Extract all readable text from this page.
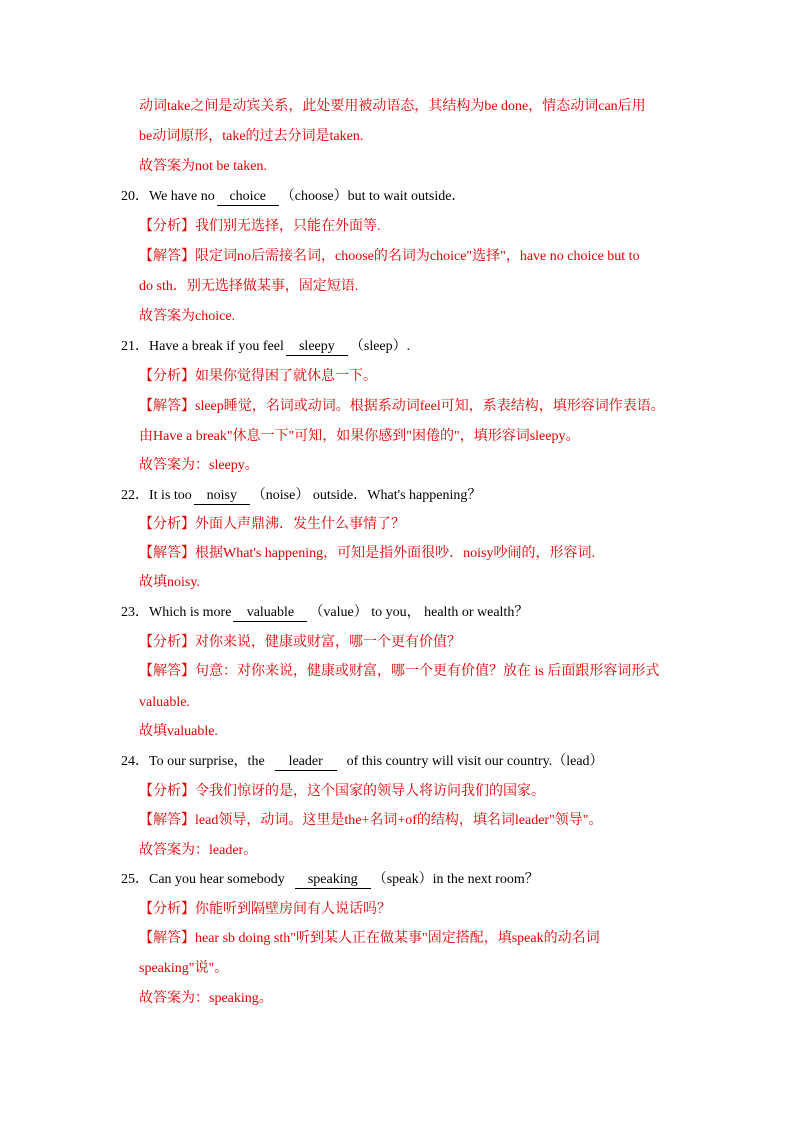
动词take之间是动宾关系，此处要用被动语态，其结构为be done，情态动词can后用
be动词原形，take的过去分词是taken.
故答案为not be taken.
20．We have no choice （choose）but to wait outside．
【分析】我们别无选择，只能在外面等.
【解答】限定词no后需接名词，choose的名词为choice"选择"，have no choice but to
do sth．别无选择做某事，固定短语.
故答案为choice.
21．Have a break if you feel sleepy （sleep）.
【分析】如果你觉得困了就休息一下。
【解答】sleep睡觉，名词或动词。根据系动词feel可知，系表结构，填形容词作表语。
由Have a break"休息一下"可知，如果你感到"困倦的"，填形容词sleepy。
故答案为：sleepy。
22．It is too noisy （noise） outside．What's happening？
【分析】外面人声鼎沸．发生什么事情了？
【解答】根据What's happening，可知是指外面很吵．noisy吵闹的，形容词.
故填noisy.
23．Which is more valuable （value） to you， health or wealth？
【分析】对你来说，健康或财富，哪一个更有价值？
【解答】句意：对你来说，健康或财富，哪一个更有价值？放在 is 后面跟形容词形式
valuable.
故填valuable.
24．To our surprise，the leader of this country will visit our country.（lead）
【分析】令我们惊讶的是，这个国家的领导人将访问我们的国家。
【解答】lead领导，动词。这里是the+名词+of的结构，填名词leader"领导"。
故答案为：leader。
25．Can you hear somebody speaking （speak）in the next room？
【分析】你能听到隔壁房间有人说话吗？
【解答】hear sb doing sth"听到某人正在做某事"固定搭配，填speak的动名词
speaking"说"。
故答案为：speaking。
